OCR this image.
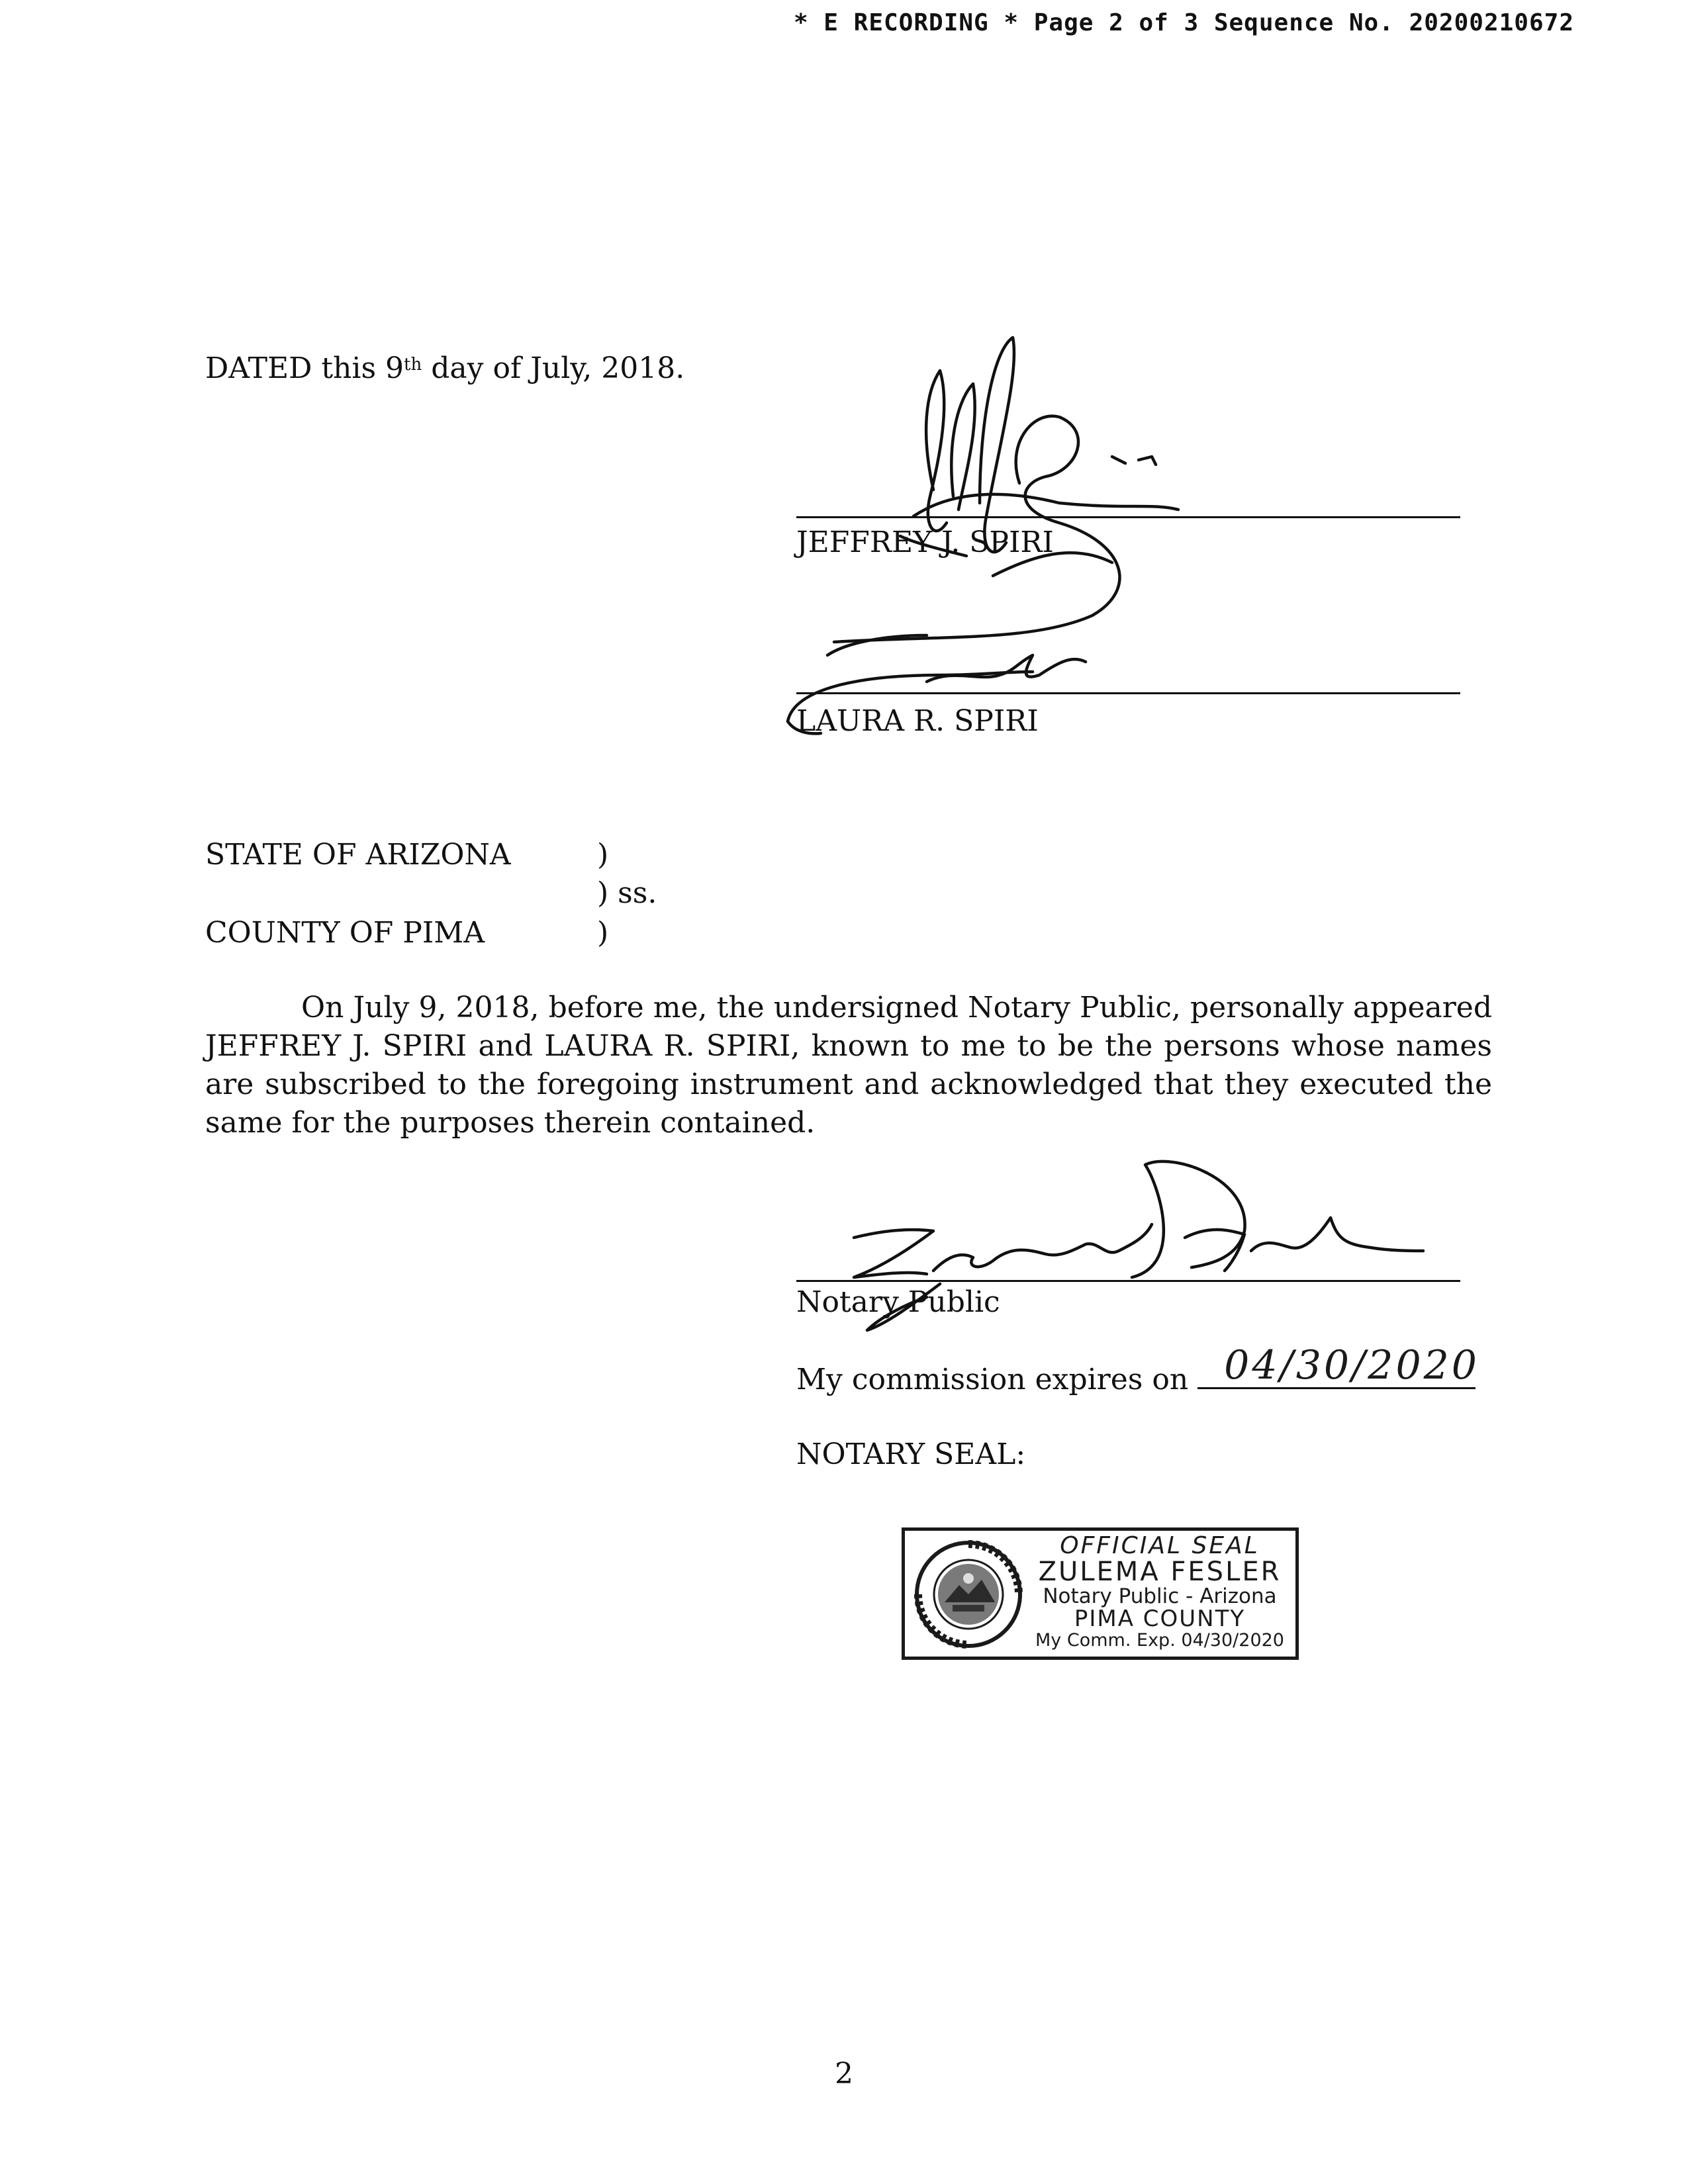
* E RECORDING * Page 2 of 3 Sequence No. 20200210672
DATED this 9th day of July, 2018.
JEFFREY J. SPIRI
LAURA R. SPIRI
STATE OF ARIZONA	)
) ss.
COUNTY OF PIMA	)
On July 9, 2018, before me, the undersigned Notary Public, personally appeared JEFFREY J. SPIRI and LAURA R. SPIRI, known to me to be the persons whose names are subscribed to the foregoing instrument and acknowledged that they executed the same for the purposes therein contained.
Notary Public
My commission expires on 04/30/2020
NOTARY SEAL:
OFFICIAL SEAL
ZULEMA FESLER
Notary Public - Arizona
PIMA COUNTY
My Comm. Exp. 04/30/2020
2
